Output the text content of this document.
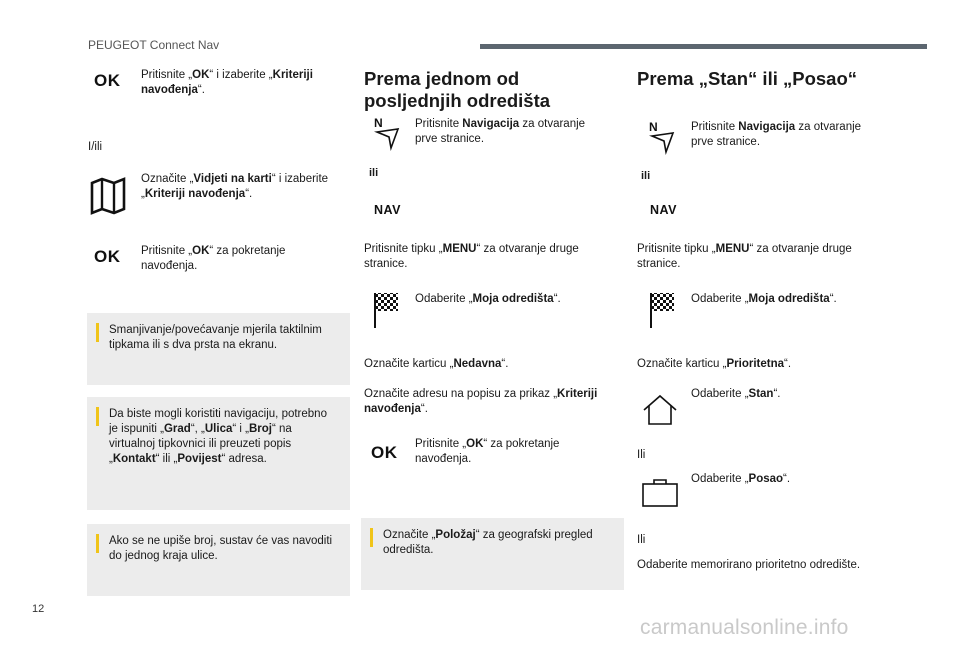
PEUGEOT Connect Nav
OK Pritisnite „OK“ i izaberite „Kriteriji navođenja“.
I/ili
Označite „Vidjeti na karti“ i izaberite „Kriteriji navođenja“.
OK Pritisnite „OK“ za pokretanje navođenja.
Smanjivanje/povećavanje mjerila taktilnim tipkama ili s dva prsta na ekranu.
Da biste mogli koristiti navigaciju, potrebno je ispuniti „Grad“, „Ulica“ i „Broj“ na virtualnoj tipkovnici ili preuzeti popis „Kontakt“ ili „Povijest“ adresa.
Ako se ne upiše broj, sustav će vas navoditi do jednog kraja ulice.
Prema jednom od posljednjih odredišta
N	Pritisnite Navigacija za otvaranje prve stranice.
ili
NAV
Pritisnite tipku „MENU“ za otvaranje druge stranice.
Odaberite „Moja odredišta“.
Označite karticu „Nedavna“.
Označite adresu na popisu za prikaz „Kriteriji navođenja“.
OK Pritisnite „OK“ za pokretanje navođenja.
Označite „Položaj“ za geografski pregled odredišta.
Prema „Stan“ ili „Posao“
N	Pritisnite Navigacija za otvaranje prve stranice.
ili
NAV
Pritisnite tipku „MENU“ za otvaranje druge stranice.
Odaberite „Moja odredišta“.
Označite karticu „Prioritetna“.
Odaberite „Stan“.
Ili
Odaberite „Posao“.
Ili
Odaberite memorirano prioritetno odredište.
12
carmanualsonline.info
